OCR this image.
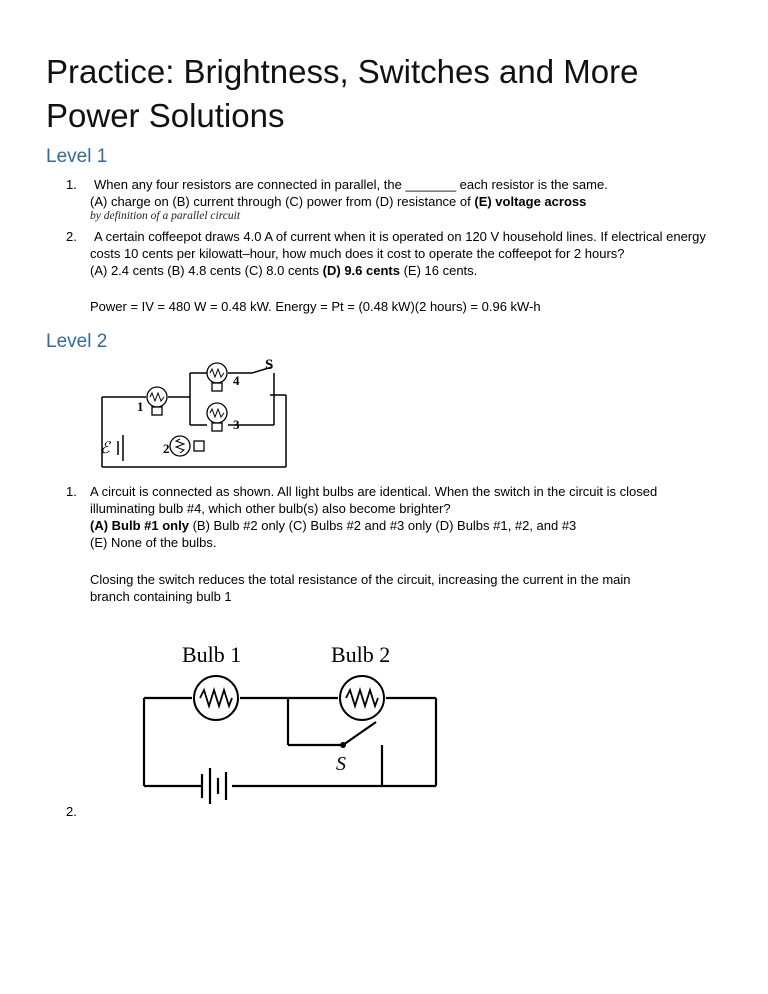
Practice: Brightness, Switches and More Power Solutions
Level 1
1. When any four resistors are connected in parallel, the _______ each resistor is the same.
(A) charge on (B) current through (C) power from (D) resistance of (E) voltage across
by definition of a parallel circuit
2. A certain coffeepot draws 4.0 A of current when it is operated on 120 V household lines. If electrical energy
costs 10 cents per kilowatt–hour, how much does it cost to operate the coffeepot for 2 hours?
(A) 2.4 cents (B) 4.8 cents (C) 8.0 cents (D) 9.6 cents (E) 16 cents.
Power = IV = 480 W = 0.48 kW. Energy = Pt = (0.48 kW)(2 hours) = 0.96 kW-h
Level 2
S
1
2
3
4
ℰ
1. A circuit is connected as shown. All light bulbs are identical. When the switch in the circuit is closed
illuminating bulb #4, which other bulb(s) also become brighter?
(A) Bulb #1 only (B) Bulb #2 only (C) Bulbs #2 and #3 only (D) Bulbs #1, #2, and #3
(E) None of the bulbs.
Closing the switch reduces the total resistance of the circuit, increasing the current in the main
branch containing bulb 1
Bulb 1	Bulb 2
S
2.
